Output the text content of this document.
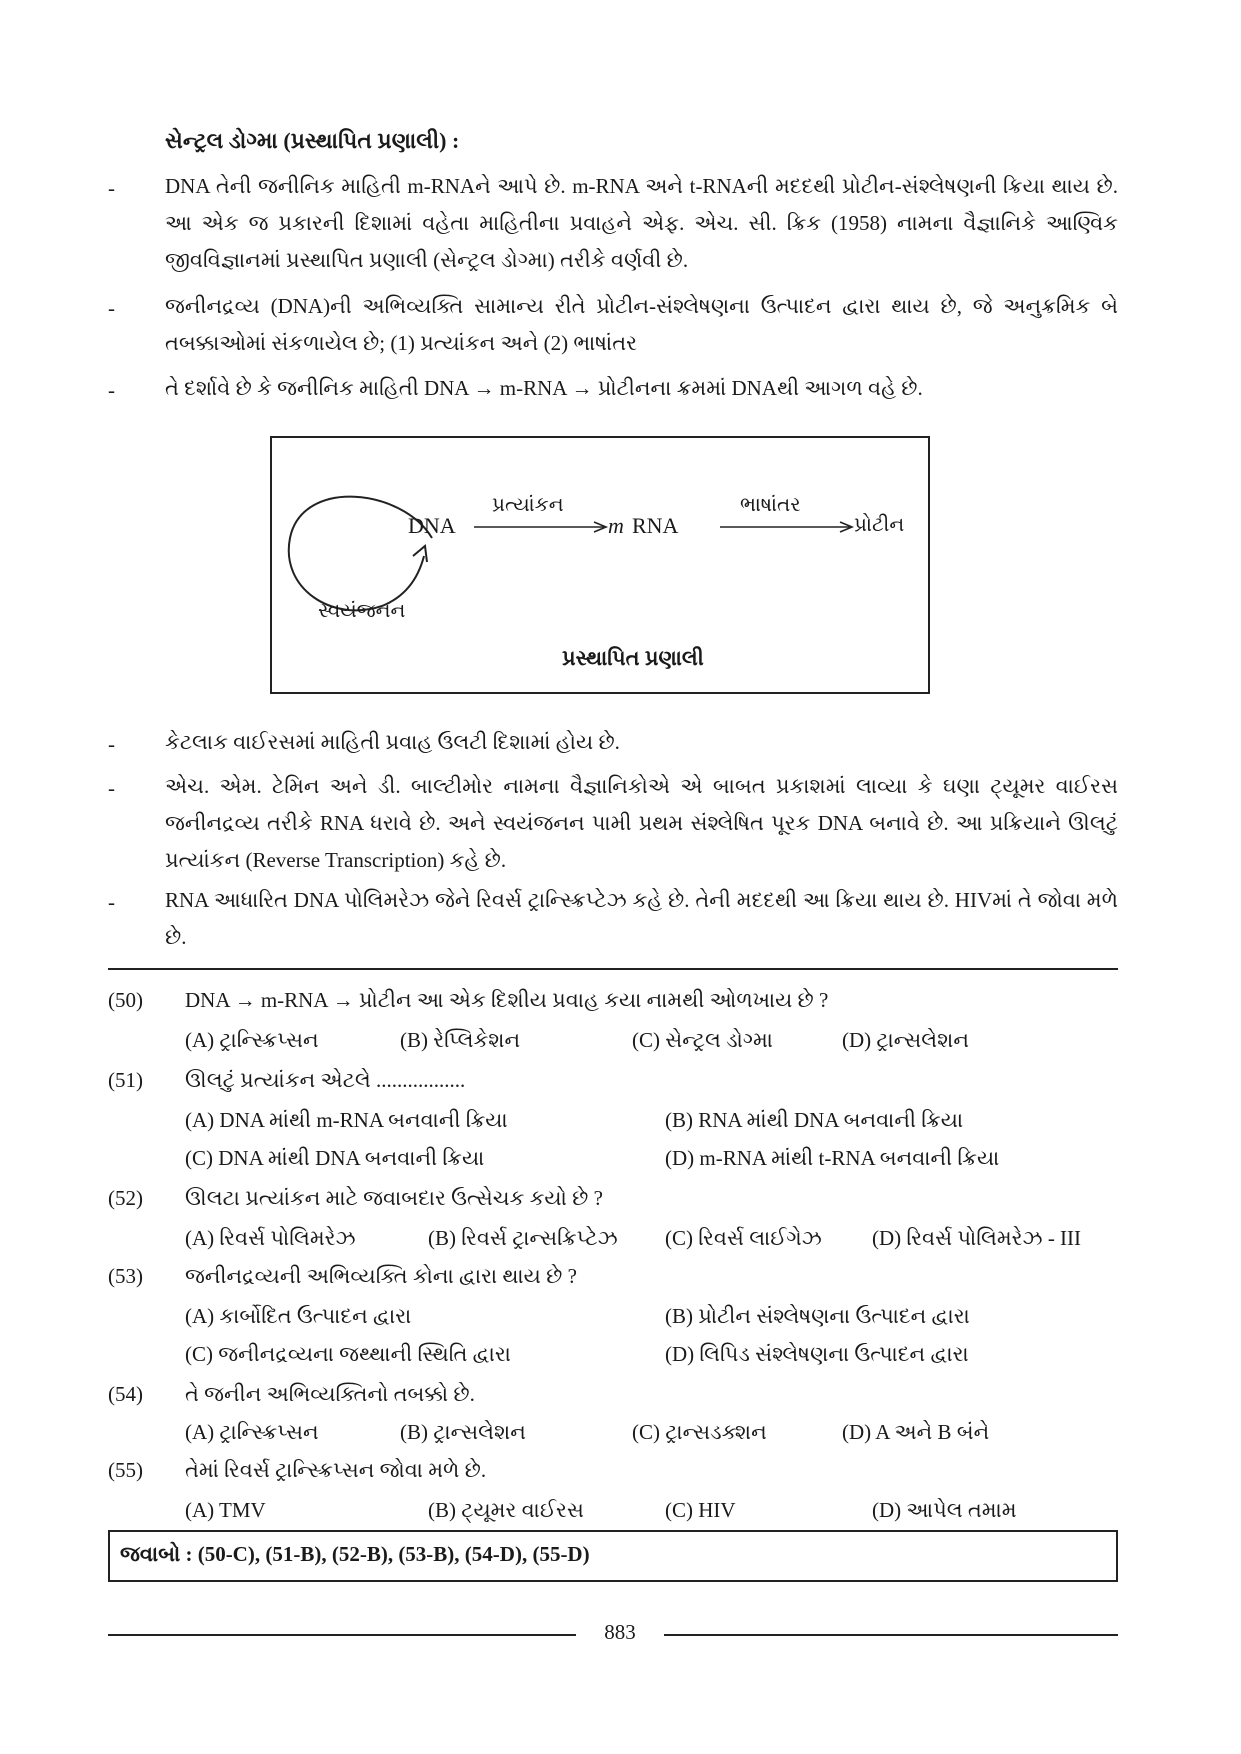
સેન્ટ્રલ ડોગ્મા (પ્રસ્થાપિત પ્રણાલી) :
- DNA તેની જનીનિક માહિતી m-RNAને આપે છે. m-RNA અને t-RNAની મદદથી પ્રોટીન-સંશ્લેષણની ક્રિયા થાય છે. આ એક જ પ્રકારની દિશામાં વહેતા માહિતીના પ્રવાહને એફ. એચ. સી. ક્રિક (1958) નામના વૈજ્ઞાનિકે આણ્વિક જીવવિજ્ઞાનમાં પ્રસ્થાપિત પ્રણાલી (સેન્ટ્રલ ડોગ્મા) તરીકે વર્ણવી છે.
- જનીનદ્રવ્ય (DNA)ની અભિવ્યક્તિ સામાન્ય રીતે પ્રોટીન-સંશ્લેષણના ઉત્પાદન દ્વારા થાય છે, જે અનુક્રમિક બે તબક્કાઓમાં સંકળાયેલ છે; (1) પ્રત્યાંકન અને (2) ભાષાંતર
- તે દર્શાવે છે કે જનીનિક માહિતી DNA → m-RNA → પ્રોટીનના ક્રમમાં DNAથી આગળ વહે છે.
DNA
પ્રત્યાંકન
m RNA
ભાષાંતર
પ્રોટીન
સ્વયંજનન
પ્રસ્થાપિત પ્રણાલી
- કેટલાક વાઈરસમાં માહિતી પ્રવાહ ઉલટી દિશામાં હોય છે.
- એચ. એમ. ટેમિન અને ડી. બાલ્ટીમોર નામના વૈજ્ઞાનિકોએ એ બાબત પ્રકાશમાં લાવ્યા કે ઘણા ટ્યૂમર વાઈરસ જનીનદ્રવ્ય તરીકે RNA ધરાવે છે. અને સ્વયંજનન પામી પ્રથમ સંશ્લેષિત પૂરક DNA બનાવે છે. આ પ્રક્રિયાને ઊલટું પ્રત્યાંકન (Reverse Transcription) કહે છે.
- RNA આધારિત DNA પોલિમરેઝ જેને રિવર્સ ટ્રાન્સ્ક્રિપ્ટેઝ કહે છે. તેની મદદથી આ ક્રિયા થાય છે. HIVમાં તે જોવા મળે છે.
(50) DNA → m-RNA → પ્રોટીન આ એક દિશીય પ્રવાહ કયા નામથી ઓળખાય છે ?
(A) ટ્રાન્સ્ક્રિપ્સન	(B) રેપ્લિકેશન	(C) સેન્ટ્રલ ડોગ્મા	(D) ટ્રાન્સલેશન
(51) ઊલટું પ્રત્યાંકન એટલે .................
(A) DNA માંથી m-RNA બનવાની ક્રિયા	(B) RNA માંથી DNA બનવાની ક્રિયા
(C) DNA માંથી DNA બનવાની ક્રિયા	(D) m-RNA માંથી t-RNA બનવાની ક્રિયા
(52) ઊલટા પ્રત્યાંકન માટે જવાબદાર ઉત્સેચક કયો છે ?
(A) રિવર્સ પોલિમરેઝ	(B) રિવર્સ ટ્રાન્સક્રિપ્ટેઝ (C) રિવર્સ લાઈગેઝ (D) રિવર્સ પોલિમરેઝ - III
(53) જનીનદ્રવ્યની અભિવ્યક્તિ કોના દ્વારા થાય છે ?
(A) કાર્બોદિત ઉત્પાદન દ્વારા	(B) પ્રોટીન સંશ્લેષણના ઉત્પાદન દ્વારા
(C) જનીનદ્રવ્યના જથ્થાની સ્થિતિ દ્વારા	(D) લિપિડ સંશ્લેષણના ઉત્પાદન દ્વારા
(54) તે જનીન અભિવ્યક્તિનો તબક્કો છે.
(A) ટ્રાન્સ્ક્રિપ્સન	(B) ટ્રાન્સલેશન	(C) ટ્રાન્સડક્શન	(D) A અને B બંને
(55) તેમાં રિવર્સ ટ્રાન્સ્ક્રિપ્સન જોવા મળે છે.
(A) TMV	(B) ટ્યૂમર વાઈરસ	(C) HIV	(D) આપેલ તમામ
જવાબો : (50-C), (51-B), (52-B), (53-B), (54-D), (55-D)
883
